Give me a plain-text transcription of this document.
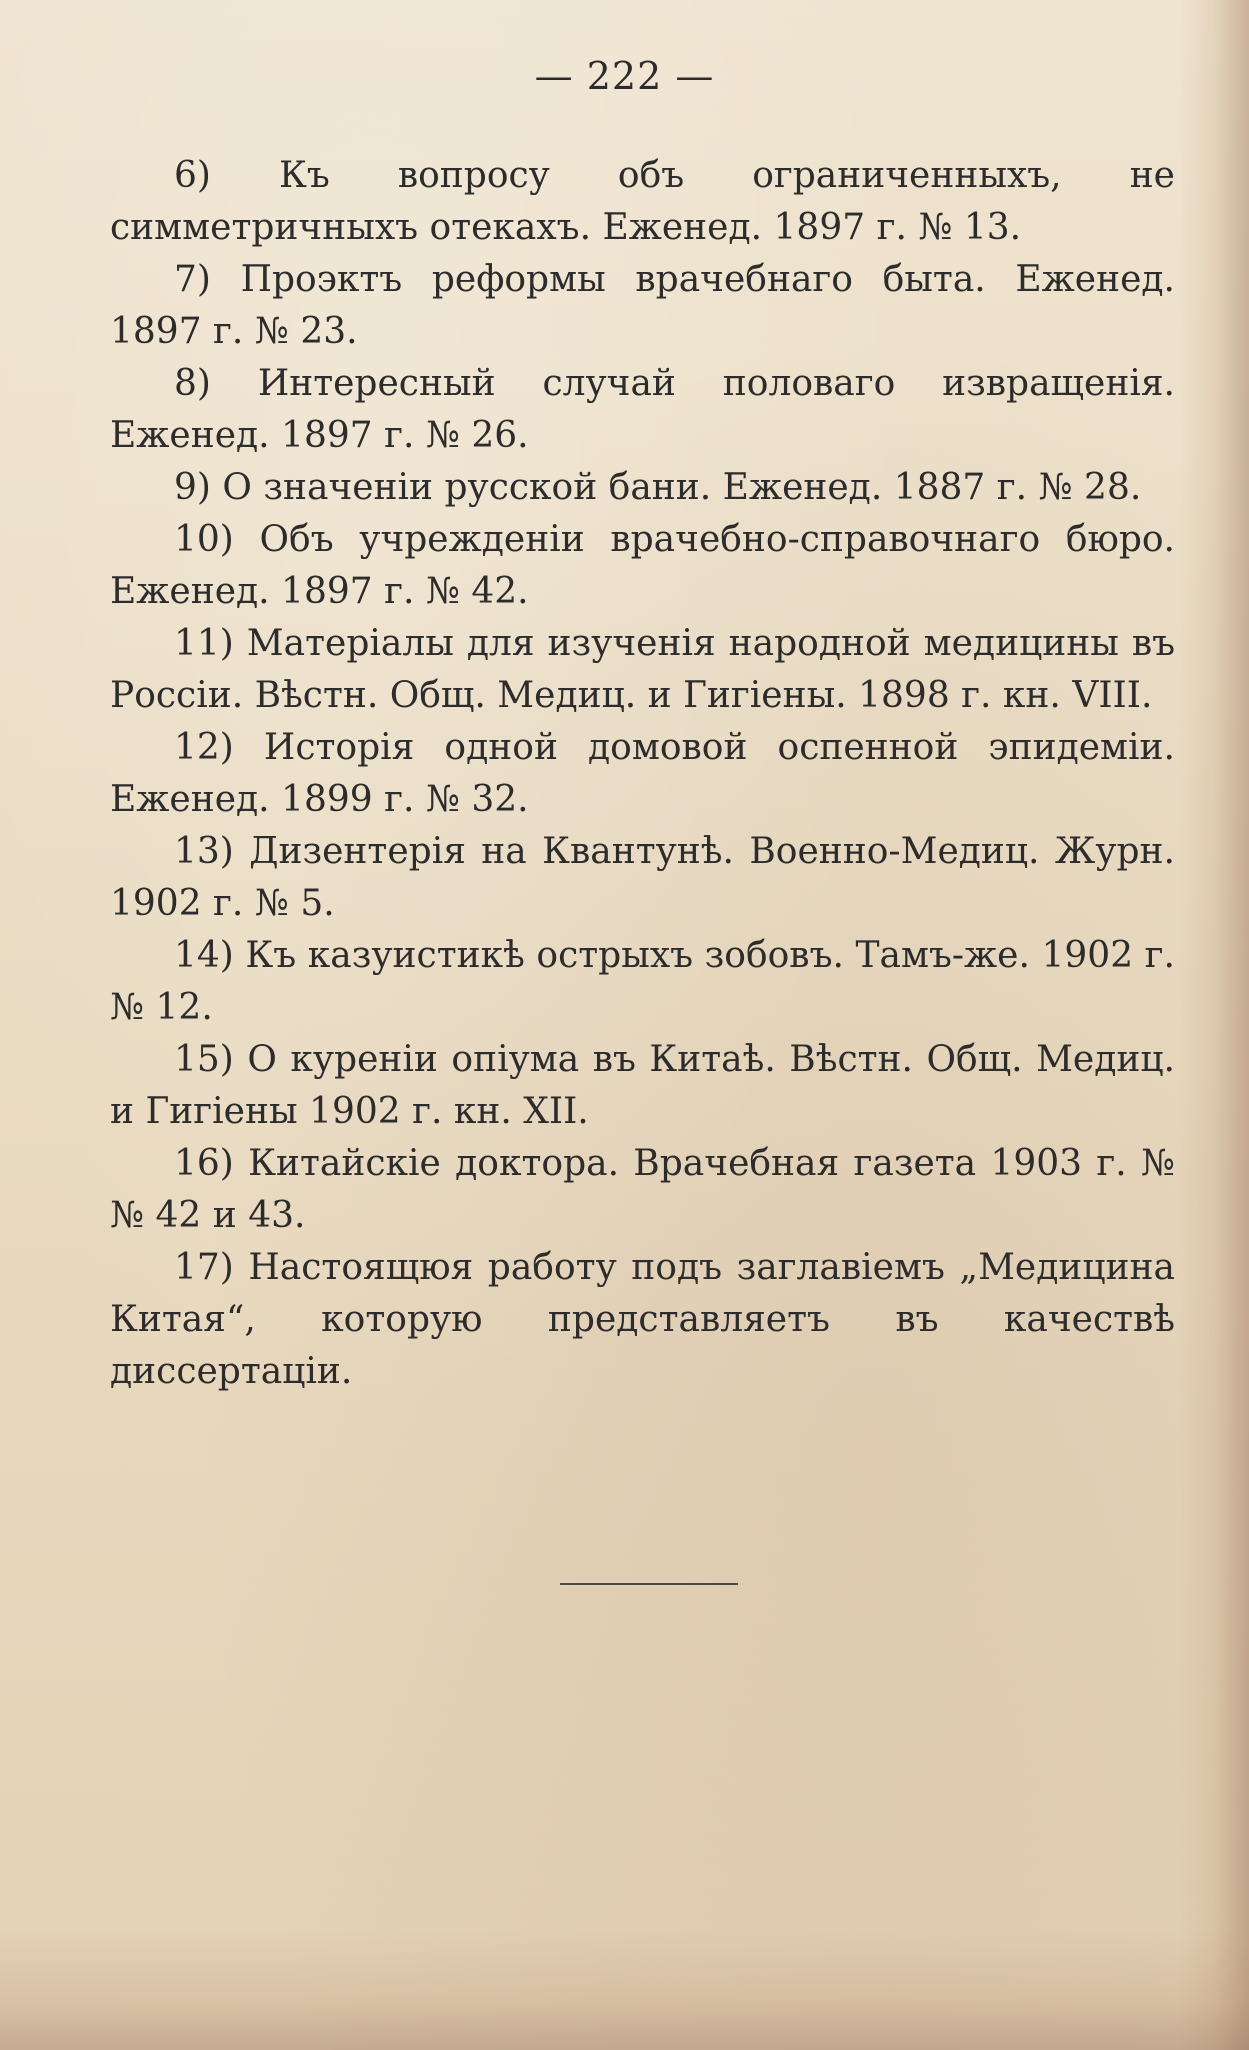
— 222 —
6) Къ вопросу объ ограниченныхъ, не симметричныхъ отекахъ. Еженед. 1897 г. № 13.
7) Проэктъ реформы врачебнаго быта. Еженед. 1897 г. № 23.
8) Интересный случай половаго извращенія. Еженед. 1897 г. № 26.
9) О значеніи русской бани. Еженед. 1887 г. № 28.
10) Объ учрежденіи врачебно-справочнаго бюро. Еженед. 1897 г. № 42.
11) Матеріалы для изученія народной медицины въ Россіи. Вѣстн. Общ. Медиц. и Гигіены. 1898 г. кн. VIII.
12) Исторія одной домовой оспенной эпидеміи. Еженед. 1899 г. № 32.
13) Дизентерія на Квантунѣ. Военно-Медиц. Журн. 1902 г. № 5.
14) Къ казуистикѣ острыхъ зобовъ. Тамъ-же. 1902 г. № 12.
15) О куреніи опіума въ Китаѣ. Вѣстн. Общ. Медиц. и Гигіены 1902 г. кн. XII.
16) Китайскіе доктора. Врачебная газета 1903 г. №№ 42 и 43.
17) Настоящюя работу подъ заглавіемъ „Медицина Китая“, которую представляетъ въ качествѣ диссертаціи.
